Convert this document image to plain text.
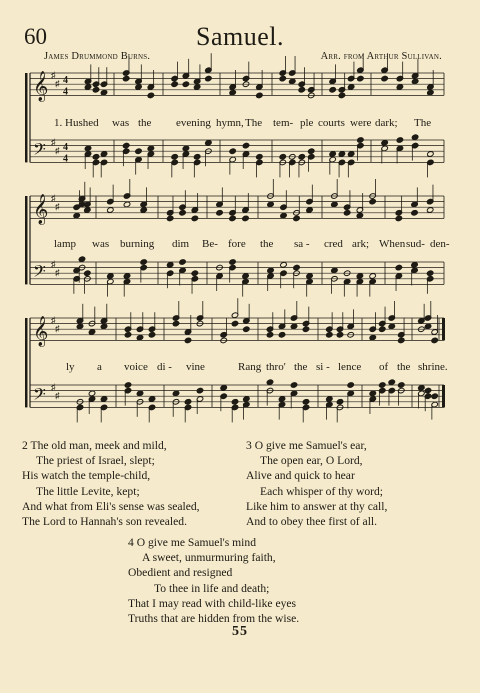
60	Samuel.
James Drummond Burns.	Arr. from Arthur Sullivan.
𝄞
𝄢
♯
♯
♯
♯
4
4
4
4
𝄞
𝄢
♯
♯
♯
♯
𝄞
𝄢
♯
♯
♯
♯
1. Hushed was the evening hymn, The tem- ple courts were dark; The
lamp was burning dim Be- fore the sa - cred ark; When sud- den-
ly a voice di - vine	Rang thro' the si - lence of the shrine.
2 The old man, meek and mild,
The priest of Israel, slept;
His watch the temple-child,
The little Levite, kept;
And what from Eli's sense was sealed,
The Lord to Hannah's son revealed.
3 O give me Samuel's ear,
The open ear, O Lord,
Alive and quick to hear
Each whisper of thy word;
Like him to answer at thy call,
And to obey thee first of all.
4 O give me Samuel's mind
A sweet, unmurmuring faith,
Obedient and resigned
To thee in life and death;
That I may read with child-like eyes
Truths that are hidden from the wise.
55
